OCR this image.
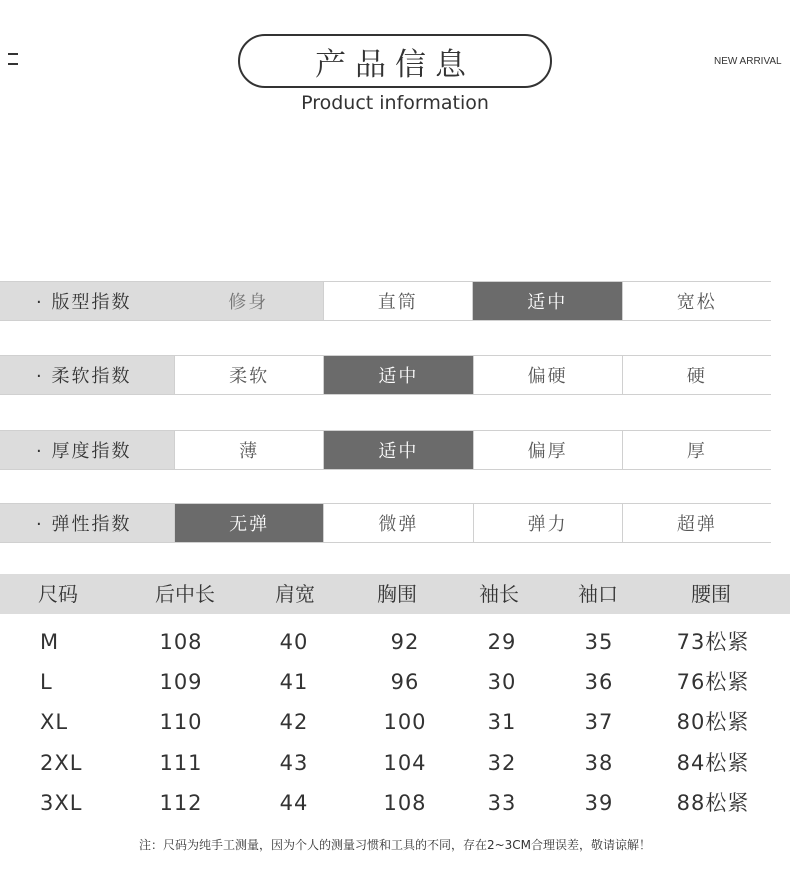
产品信息
Product information
NEW ARRIVAL
· 版型指数	修身	直筒	适中	宽松
· 柔软指数	柔软	适中	偏硬	硬
· 厚度指数	薄	适中	偏厚	厚
· 弹性指数	无弹	微弹	弹力	超弹
尺码	后中长	肩宽	胸围	袖长	袖口	腰围
M	108	40	92	29	35	73松紧
L	109	41	96	30	36	76松紧
XL	110	42	100	31	37	80松紧
2XL	111	43	104	32	38	84松紧
3XL	112	44	108	33	39	88松紧
注：尺码为纯手工测量，因为个人的测量习惯和工具的不同，存在2~3CM合理误差，敬请谅解！
